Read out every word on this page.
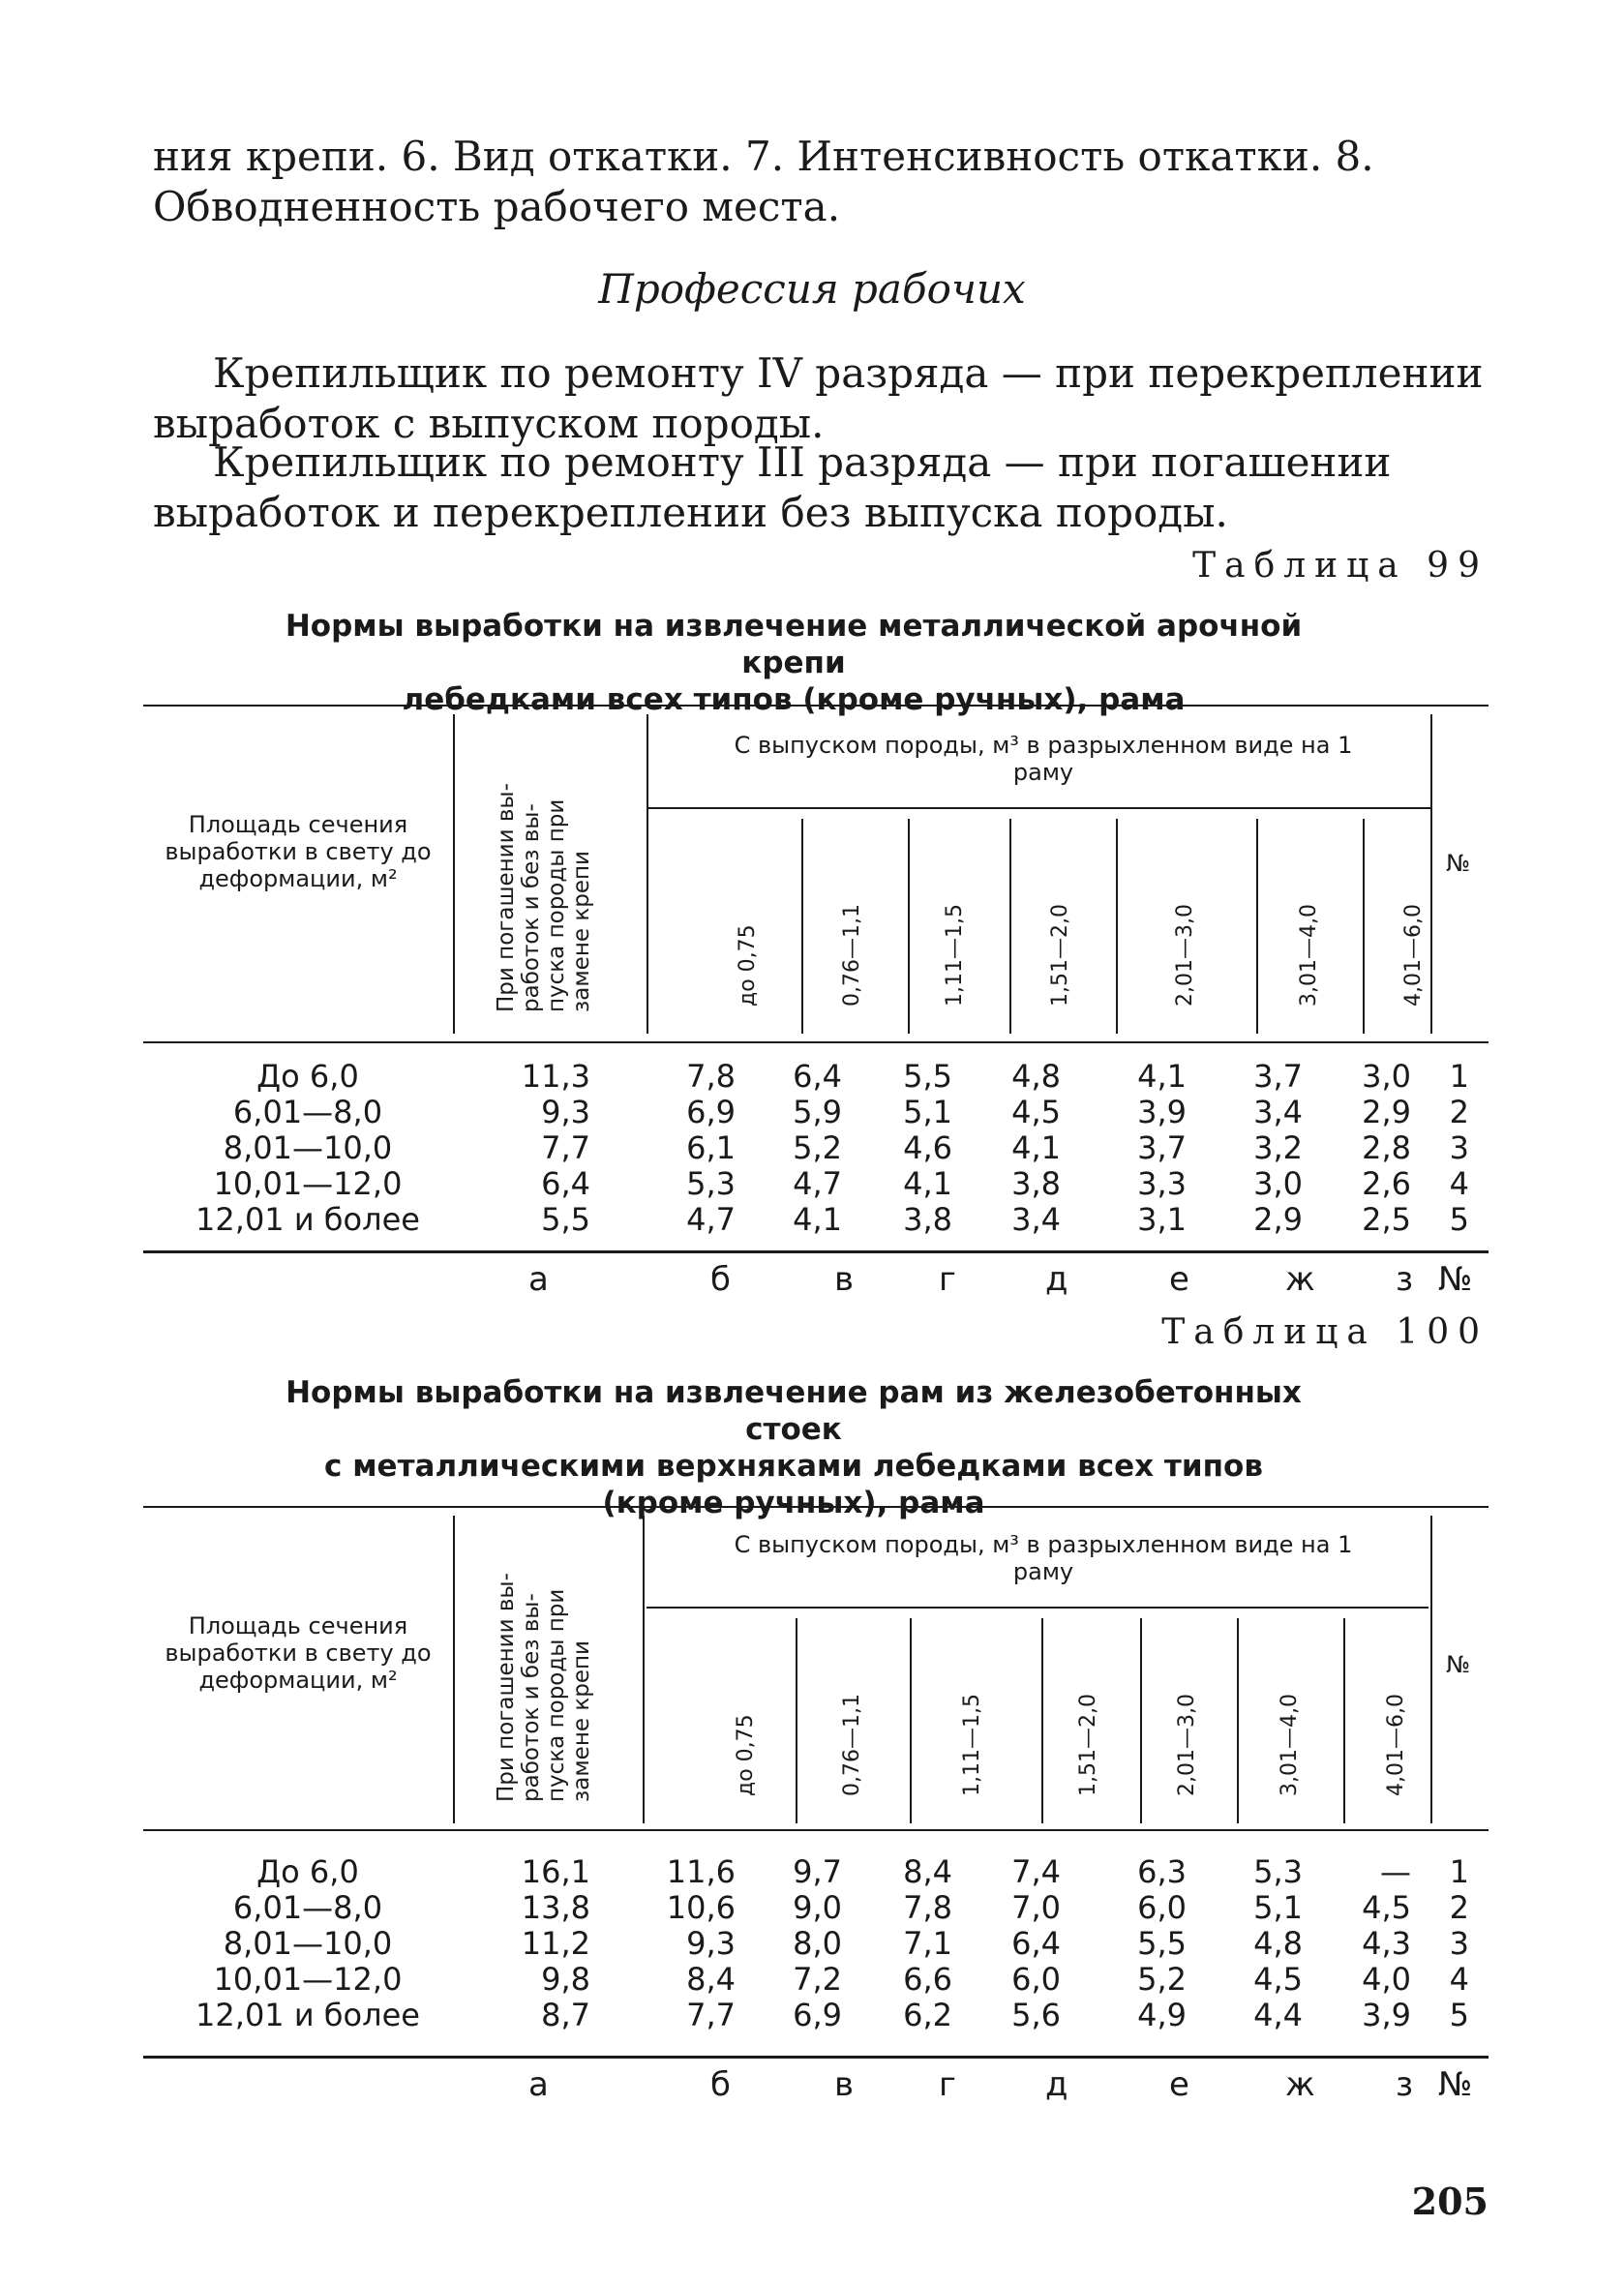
ния крепи. 6. Вид откатки. 7. Интенсивность откатки. 8. Обводненность рабочего места.

Профессия рабочих

Крепильщик по ремонту IV разряда — при перекреплении выработок с выпуском породы.

Крепильщик по ремонту III разряда — при погашении выработок и перекреплении без выпуска породы.

Таблица 99
Нормы выработки на извлечение металлической арочной крепи
лебедками всех типов (кроме ручных), рама
Площадь сечения выработки в свету до деформации, м²	При погашении вы- работок и без вы- пуска породы при замене крепи
С выпуском породы, м³ в разрыхленном виде на 1 раму
№
до 0,75	0,76—1,1	1,11—1,5	1,51—2,0	2,01—3,0	3,01—4,0	4,01—6,0
До 6,0	11,3	7,8	6,4	5,5	4,8	4,1	3,7	3,0	1
6,01—8,0	9,3	6,9	5,9	5,1	4,5	3,9	3,4	2,9	2
8,01—10,0	7,7	6,1	5,2	4,6	4,1	3,7	3,2	2,8	3
10,01—12,0	6,4	5,3	4,7	4,1	3,8	3,3	3,0	2,6	4
12,01 и более	5,5	4,7	4,1	3,8	3,4	3,1	2,9	2,5	5
а	б	в	г	д	е	ж з №
Таблица 100
Нормы выработки на извлечение рам из железобетонных стоек
с металлическими верхняками лебедками всех типов
(кроме ручных), рама
Площадь сечения выработки в свету до деформации, м²	При погашении вы- работок и без вы- пуска породы при замене крепи
С выпуском породы, м³ в разрыхленном виде на 1 раму
№
до 0,75	0,76—1,1	1,11—1,5	1,51—2,0	2,01—3,0	3,01—4,0	4,01—6,0
До 6,0	16,1	11,6	9,7	8,4	7,4	6,3	5,3	—	1
6,01—8,0	13,8	10,6	9,0	7,8	7,0	6,0	5,1	4,5	2
8,01—10,0	11,2	9,3	8,0	7,1	6,4	5,5	4,8	4,3	3
10,01—12,0	9,8	8,4	7,2	6,6	6,0	5,2	4,5	4,0	4
12,01 и более	8,7	7,7	6,9	6,2	5,6	4,9	4,4	3,9	5
а	б	в	г	д	е	ж з №
205
